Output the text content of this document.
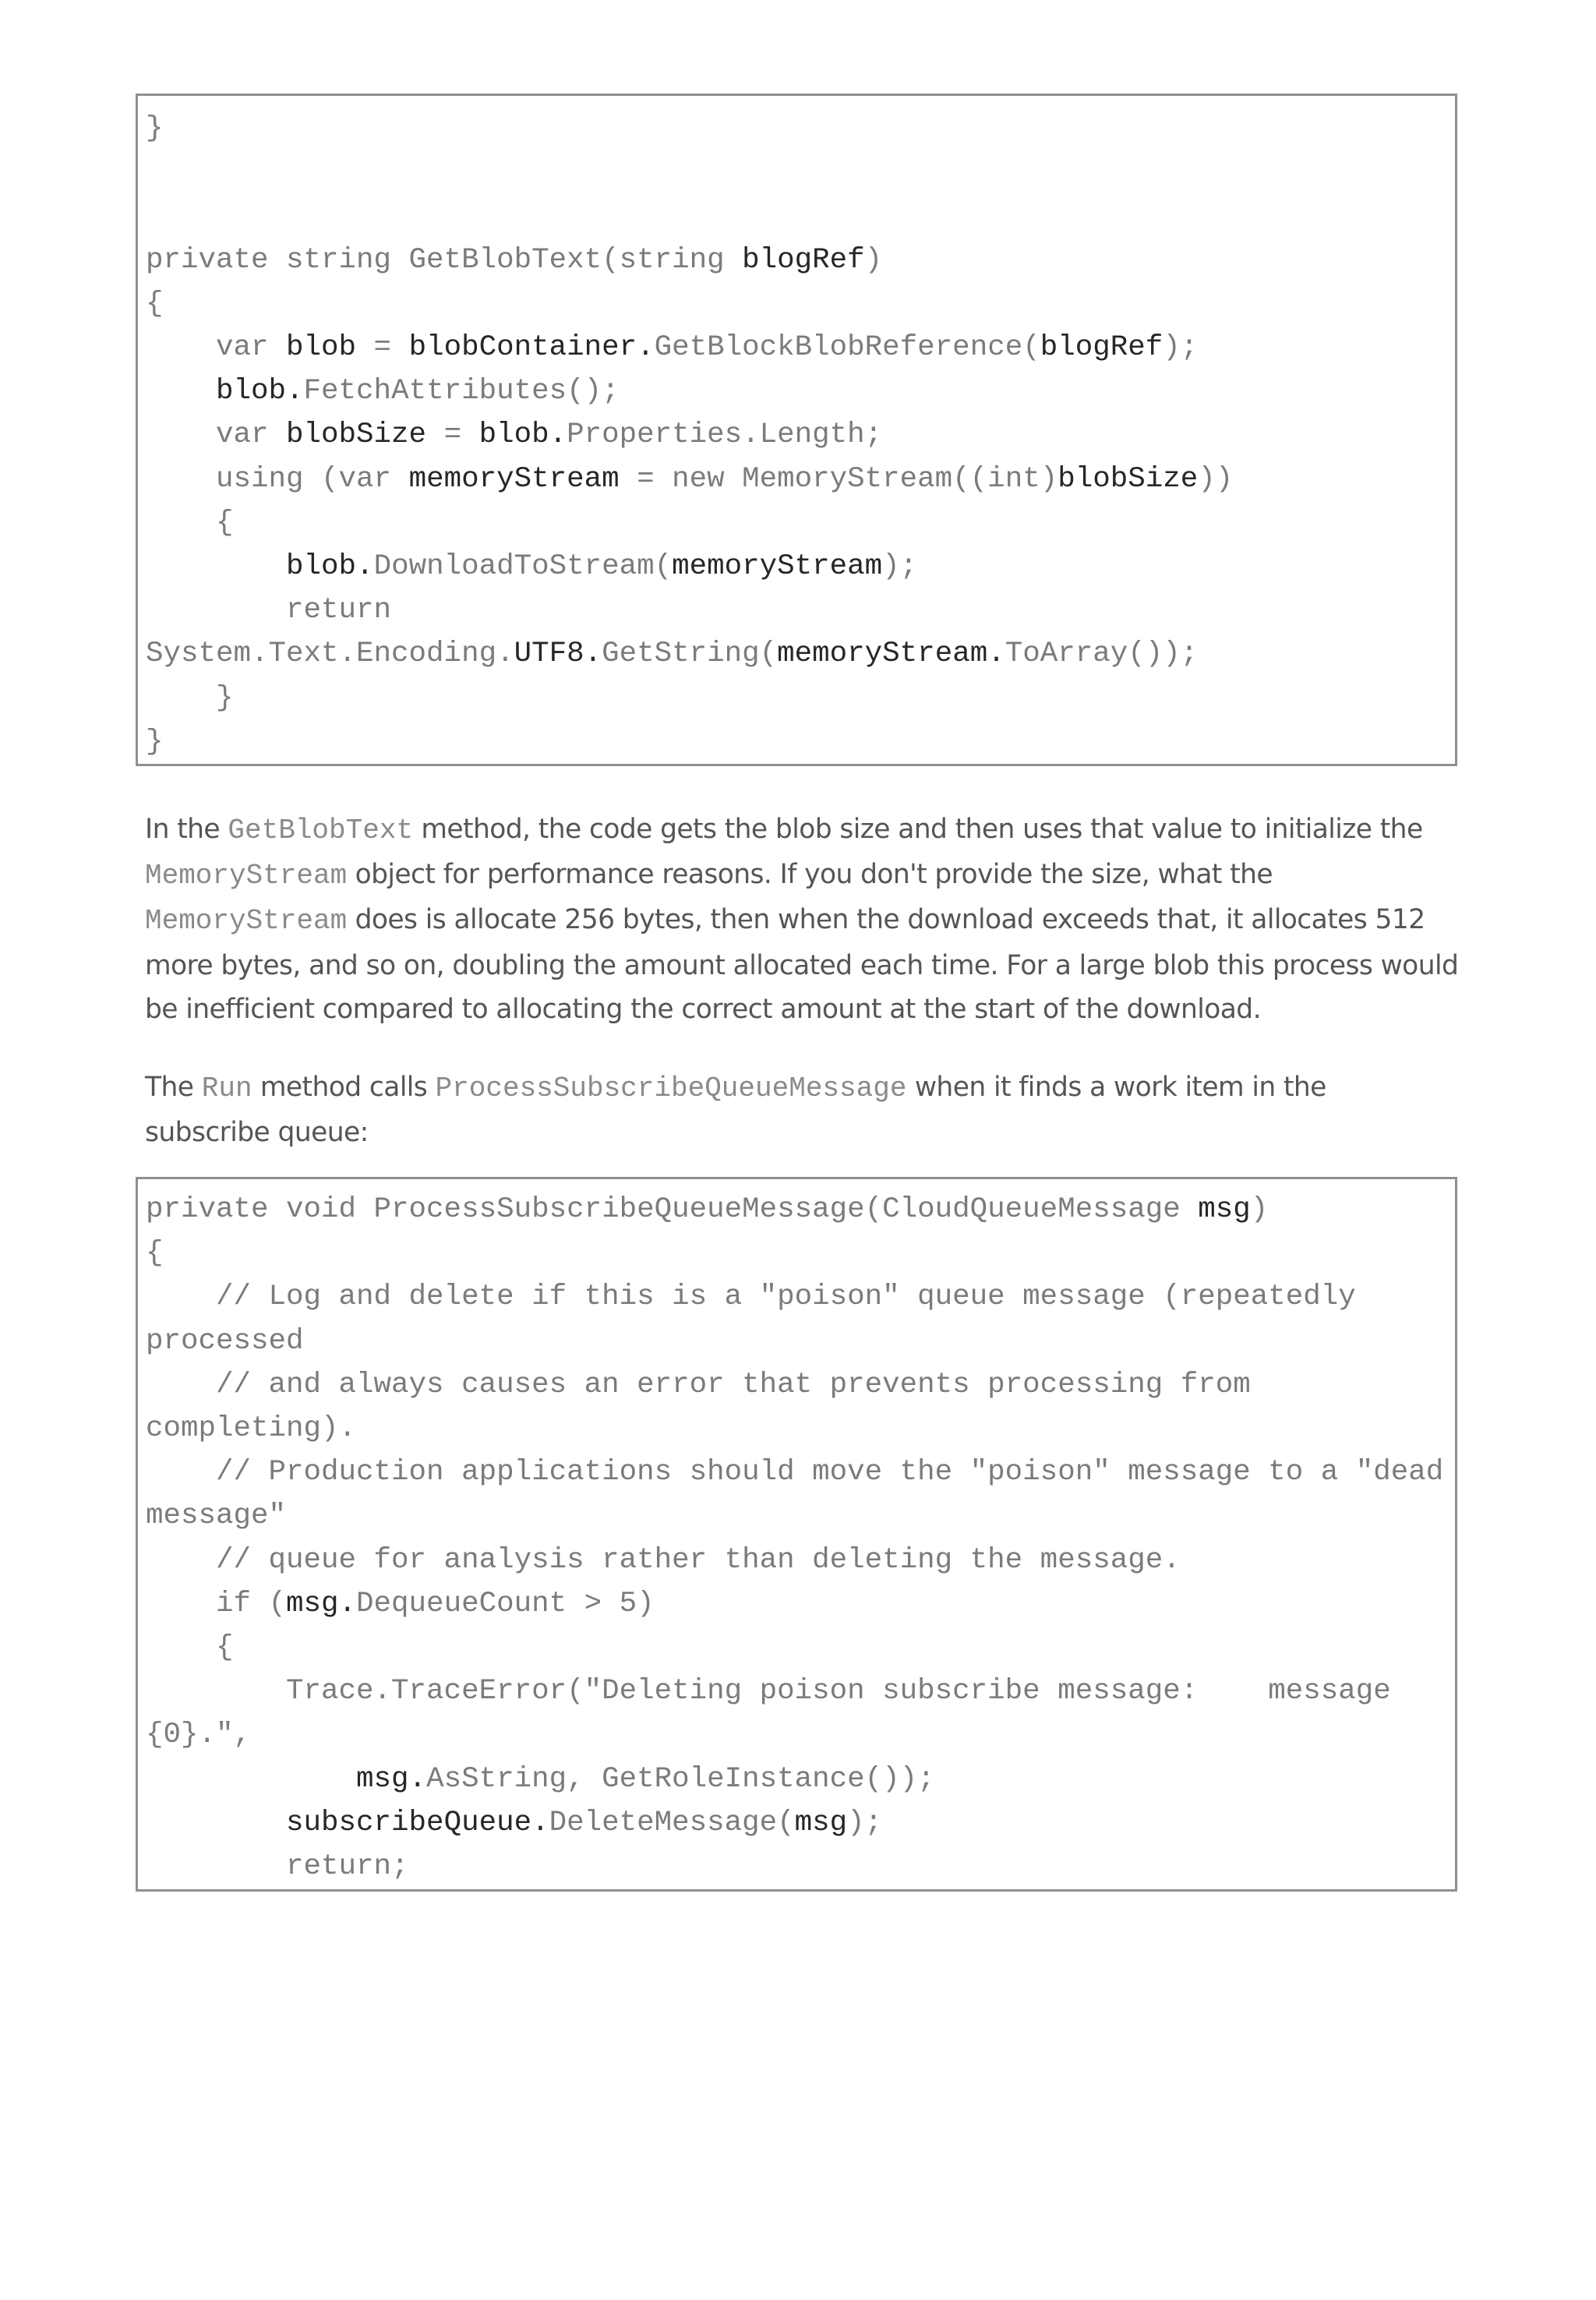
}

private string GetBlobText(string blogRef)
{
var blob = blobContainer.GetBlockBlobReference(blogRef);
blob.FetchAttributes();
var blobSize = blob.Properties.Length;
using (var memoryStream = new MemoryStream((int)blobSize))
{
blob.DownloadToStream(memoryStream);
return
System.Text.Encoding.UTF8.GetString(memoryStream.ToArray());
}
}

In the GetBlobText method, the code gets the blob size and then uses that value to initialize the
MemoryStream object for performance reasons. If you don't provide the size, what the
MemoryStream does is allocate 256 bytes, then when the download exceeds that, it allocates 512
more bytes, and so on, doubling the amount allocated each time. For a large blob this process would
be inefficient compared to allocating the correct amount at the start of the download.

The Run method calls ProcessSubscribeQueueMessage when it finds a work item in the
subscribe queue:

private void ProcessSubscribeQueueMessage(CloudQueueMessage msg)
{
// Log and delete if this is a "poison" queue message (repeatedly
processed
// and always causes an error that prevents processing from
completing).
// Production applications should move the "poison" message to a "dead
message"
// queue for analysis rather than deleting the message.
if (msg.DequeueCount > 5)
{
Trace.TraceError("Deleting poison subscribe message:    message
{0}.",
msg.AsString, GetRoleInstance());
subscribeQueue.DeleteMessage(msg);
return;
